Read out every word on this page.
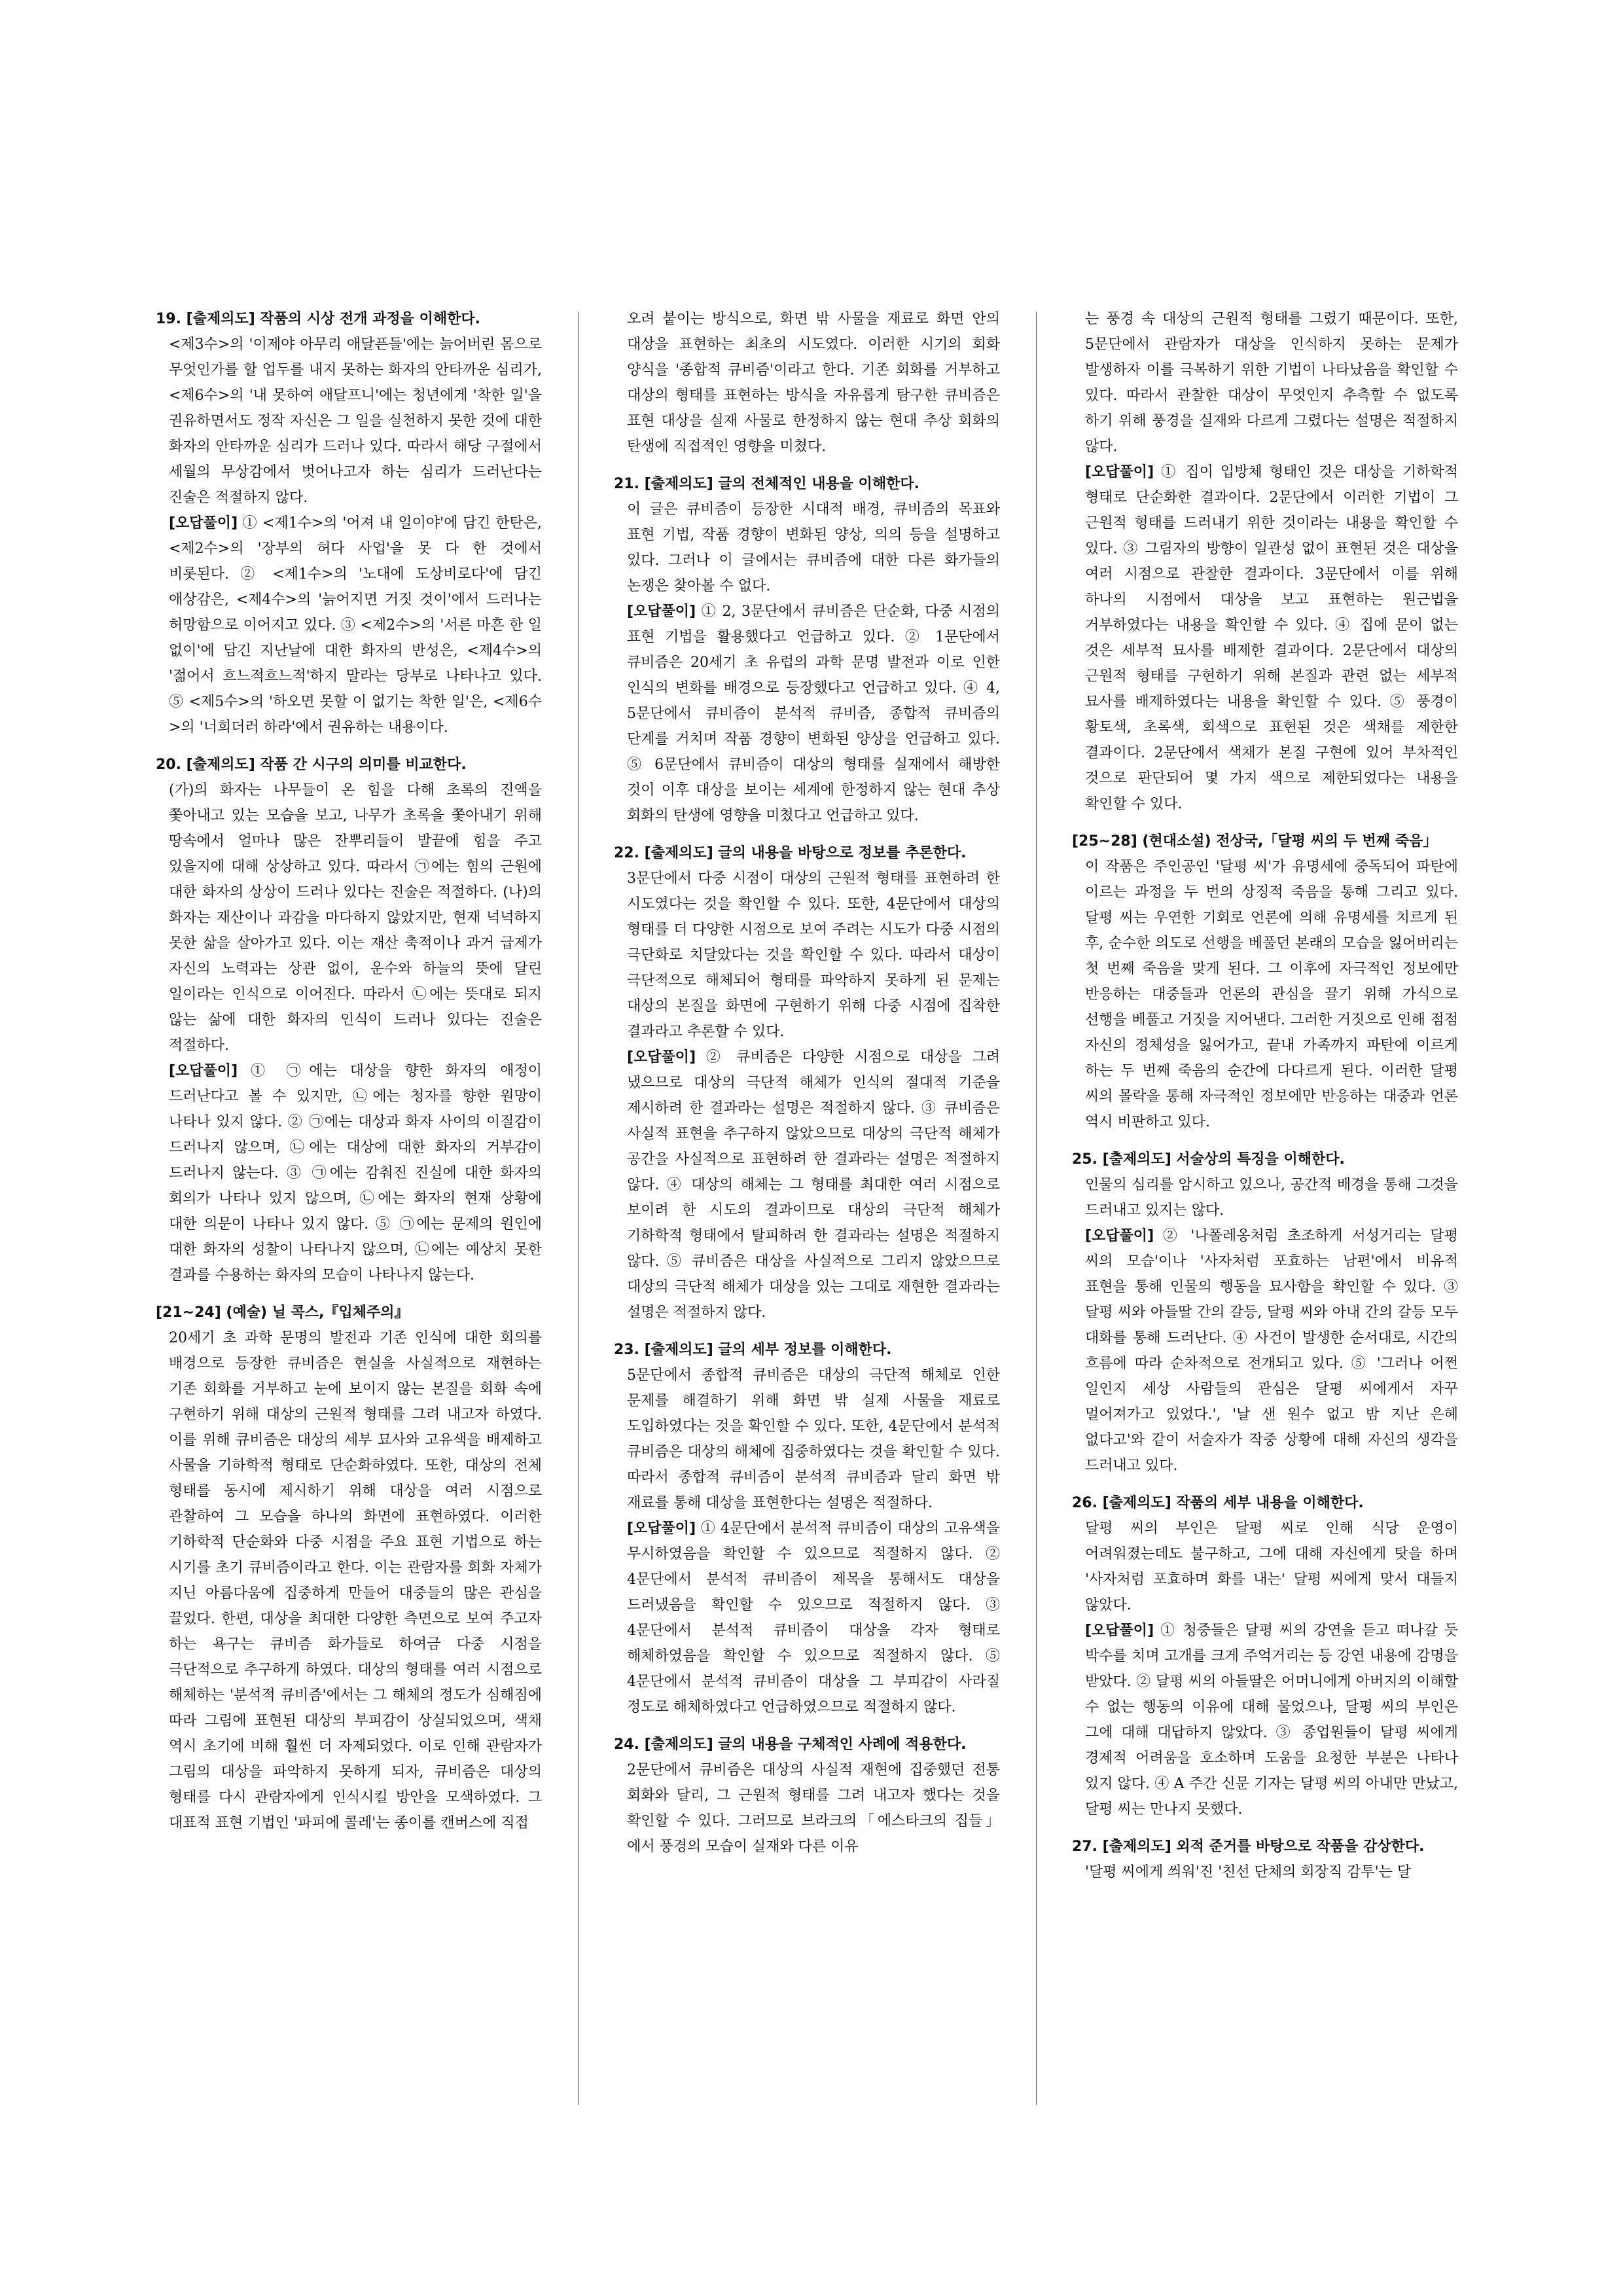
19. [출제의도] 작품의 시상 전개 과정을 이해한다.

<제3수>의 '이제야 아무리 애달픈들'에는 늙어버린 몸으로 무엇인가를 할 업두를 내지 못하는 화자의 안타까운 심리가, <제6수>의 '내 못하여 애달프니'에는 청년에게 '착한 일'을 권유하면서도 정작 자신은 그 일을 실천하지 못한 것에 대한 화자의 안타까운 심리가 드러나 있다. 따라서 해당 구절에서 세월의 무상감에서 벗어나고자 하는 심리가 드러난다는 진술은 적절하지 않다.

[오답풀이] ① <제1수>의 '어져 내 일이야'에 담긴 한탄은, <제2수>의 '장부의 허다 사업'을 못 다 한 것에서 비롯된다. ② <제1수>의 '노대에 도상비로다'에 담긴 애상감은, <제4수>의 '늙어지면 거짓 것이'에서 드러나는 허망함으로 이어지고 있다. ③ <제2수>의 '서른 마흔 한 일 없이'에 담긴 지난날에 대한 화자의 반성은, <제4수>의 '젊어서 흐느적흐느적'하지 말라는 당부로 나타나고 있다. ⑤ <제5수>의 '하오면 못할 이 없기는 착한 일'은, <제6수>의 '너희더러 하라'에서 권유하는 내용이다.

20. [출제의도] 작품 간 시구의 의미를 비교한다.

(가)의 화자는 나무들이 온 힘을 다해 초록의 진액을 쫓아내고 있는 모습을 보고, 나무가 초록을 쫓아내기 위해 땅속에서 얼마나 많은 잔뿌리들이 발끝에 힘을 주고 있을지에 대해 상상하고 있다. 따라서 ㉠에는 힘의 근원에 대한 화자의 상상이 드러나 있다는 진술은 적절하다. (나)의 화자는 재산이나 과감을 마다하지 않았지만, 현재 넉넉하지 못한 삶을 살아가고 있다. 이는 재산 축적이나 과거 급제가 자신의 노력과는 상관 없이, 운수와 하늘의 뜻에 달린 일이라는 인식으로 이어진다. 따라서 ㉡에는 뜻대로 되지 않는 삶에 대한 화자의 인식이 드러나 있다는 진술은 적절하다.

[오답풀이] ① ㉠에는 대상을 향한 화자의 애정이 드러난다고 볼 수 있지만, ㉡에는 청자를 향한 원망이 나타나 있지 않다. ② ㉠에는 대상과 화자 사이의 이질감이 드러나지 않으며, ㉡에는 대상에 대한 화자의 거부감이 드러나지 않는다. ③ ㉠에는 감춰진 진실에 대한 화자의 회의가 나타나 있지 않으며, ㉡에는 화자의 현재 상황에 대한 의문이 나타나 있지 않다. ⑤ ㉠에는 문제의 원인에 대한 화자의 성찰이 나타나지 않으며, ㉡에는 예상치 못한 결과를 수용하는 화자의 모습이 나타나지 않는다.

[21~24] (예술) 닐 콕스,『입체주의』

20세기 초 과학 문명의 발전과 기존 인식에 대한 회의를 배경으로 등장한 큐비즘은 현실을 사실적으로 재현하는 기존 회화를 거부하고 눈에 보이지 않는 본질을 회화 속에 구현하기 위해 대상의 근원적 형태를 그려 내고자 하였다. 이를 위해 큐비즘은 대상의 세부 묘사와 고유색을 배제하고 사물을 기하학적 형태로 단순화하였다. 또한, 대상의 전체 형태를 동시에 제시하기 위해 대상을 여러 시점으로 관찰하여 그 모습을 하나의 화면에 표현하였다. 이러한 기하학적 단순화와 다중 시점을 주요 표현 기법으로 하는 시기를 초기 큐비즘이라고 한다. 이는 관람자를 회화 자체가 지닌 아름다움에 집중하게 만들어 대중들의 많은 관심을 끌었다. 한편, 대상을 최대한 다양한 측면으로 보여 주고자 하는 욕구는 큐비즘 화가들로 하여금 다중 시점을 극단적으로 추구하게 하였다. 대상의 형태를 여러 시점으로 해체하는 '분석적 큐비즘'에서는 그 해체의 정도가 심해짐에 따라 그림에 표현된 대상의 부피감이 상실되었으며, 색채 역시 초기에 비해 훨씬 더 자제되었다. 이로 인해 관람자가 그림의 대상을 파악하지 못하게 되자, 큐비즘은 대상의 형태를 다시 관람자에게 인식시킬 방안을 모색하였다. 그 대표적 표현 기법인 '파피에 콜레'는 종이를 캔버스에 직접

오려 붙이는 방식으로, 화면 밖 사물을 재료로 화면 안의 대상을 표현하는 최초의 시도였다. 이러한 시기의 회화 양식을 '종합적 큐비즘'이라고 한다. 기존 회화를 거부하고 대상의 형태를 표현하는 방식을 자유롭게 탐구한 큐비즘은 표현 대상을 실재 사물로 한정하지 않는 현대 추상 회화의 탄생에 직접적인 영향을 미쳤다.

21. [출제의도] 글의 전체적인 내용을 이해한다.

이 글은 큐비즘이 등장한 시대적 배경, 큐비즘의 목표와 표현 기법, 작품 경향이 변화된 양상, 의의 등을 설명하고 있다. 그러나 이 글에서는 큐비즘에 대한 다른 화가들의 논쟁은 찾아볼 수 없다.

[오답풀이] ① 2, 3문단에서 큐비즘은 단순화, 다중 시점의 표현 기법을 활용했다고 언급하고 있다. ② 1문단에서 큐비즘은 20세기 초 유럽의 과학 문명 발전과 이로 인한 인식의 변화를 배경으로 등장했다고 언급하고 있다. ④ 4, 5문단에서 큐비즘이 분석적 큐비즘, 종합적 큐비즘의 단계를 거치며 작품 경향이 변화된 양상을 언급하고 있다. ⑤ 6문단에서 큐비즘이 대상의 형태를 실재에서 해방한 것이 이후 대상을 보이는 세계에 한정하지 않는 현대 추상 회화의 탄생에 영향을 미쳤다고 언급하고 있다.

22. [출제의도] 글의 내용을 바탕으로 정보를 추론한다.

3문단에서 다중 시점이 대상의 근원적 형태를 표현하려 한 시도였다는 것을 확인할 수 있다. 또한, 4문단에서 대상의 형태를 더 다양한 시점으로 보여 주려는 시도가 다중 시점의 극단화로 치달았다는 것을 확인할 수 있다. 따라서 대상이 극단적으로 해체되어 형태를 파악하지 못하게 된 문제는 대상의 본질을 화면에 구현하기 위해 다중 시점에 집착한 결과라고 추론할 수 있다.

[오답풀이] ② 큐비즘은 다양한 시점으로 대상을 그려 냈으므로 대상의 극단적 해체가 인식의 절대적 기준을 제시하려 한 결과라는 설명은 적절하지 않다. ③ 큐비즘은 사실적 표현을 추구하지 않았으므로 대상의 극단적 해체가 공간을 사실적으로 표현하려 한 결과라는 설명은 적절하지 않다. ④ 대상의 해체는 그 형태를 최대한 여러 시점으로 보이려 한 시도의 결과이므로 대상의 극단적 해체가 기하학적 형태에서 탈피하려 한 결과라는 설명은 적절하지 않다. ⑤ 큐비즘은 대상을 사실적으로 그리지 않았으므로 대상의 극단적 해체가 대상을 있는 그대로 재현한 결과라는 설명은 적절하지 않다.

23. [출제의도] 글의 세부 정보를 이해한다.

5문단에서 종합적 큐비즘은 대상의 극단적 해체로 인한 문제를 해결하기 위해 화면 밖 실제 사물을 재료로 도입하였다는 것을 확인할 수 있다. 또한, 4문단에서 분석적 큐비즘은 대상의 해체에 집중하였다는 것을 확인할 수 있다. 따라서 종합적 큐비즘이 분석적 큐비즘과 달리 화면 밖 재료를 통해 대상을 표현한다는 설명은 적절하다.

[오답풀이] ① 4문단에서 분석적 큐비즘이 대상의 고유색을 무시하였음을 확인할 수 있으므로 적절하지 않다. ② 4문단에서 분석적 큐비즘이 제목을 통해서도 대상을 드러냈음을 확인할 수 있으므로 적절하지 않다. ③ 4문단에서 분석적 큐비즘이 대상을 각자 형태로 해체하였음을 확인할 수 있으므로 적절하지 않다. ⑤ 4문단에서 분석적 큐비즘이 대상을 그 부피감이 사라질 정도로 해체하였다고 언급하였으므로 적절하지 않다.

24. [출제의도] 글의 내용을 구체적인 사례에 적용한다.

2문단에서 큐비즘은 대상의 사실적 재현에 집중했던 전통 회화와 달리, 그 근원적 형태를 그려 내고자 했다는 것을 확인할 수 있다. 그러므로 브라크의「에스타크의 집들」에서 풍경의 모습이 실재와 다른 이유

는 풍경 속 대상의 근원적 형태를 그렸기 때문이다. 또한, 5문단에서 관람자가 대상을 인식하지 못하는 문제가 발생하자 이를 극복하기 위한 기법이 나타났음을 확인할 수 있다. 따라서 관찰한 대상이 무엇인지 추측할 수 없도록 하기 위해 풍경을 실재와 다르게 그렸다는 설명은 적절하지 않다.

[오답풀이] ① 집이 입방체 형태인 것은 대상을 기하학적 형태로 단순화한 결과이다. 2문단에서 이러한 기법이 그 근원적 형태를 드러내기 위한 것이라는 내용을 확인할 수 있다. ③ 그림자의 방향이 일관성 없이 표현된 것은 대상을 여러 시점으로 관찰한 결과이다. 3문단에서 이를 위해 하나의 시점에서 대상을 보고 표현하는 원근법을 거부하였다는 내용을 확인할 수 있다. ④ 집에 문이 없는 것은 세부적 묘사를 배제한 결과이다. 2문단에서 대상의 근원적 형태를 구현하기 위해 본질과 관련 없는 세부적 묘사를 배제하였다는 내용을 확인할 수 있다. ⑤ 풍경이 황토색, 초록색, 회색으로 표현된 것은 색채를 제한한 결과이다. 2문단에서 색채가 본질 구현에 있어 부차적인 것으로 판단되어 몇 가지 색으로 제한되었다는 내용을 확인할 수 있다.

[25~28] (현대소설) 전상국,「달평 씨의 두 번째 죽음」

이 작품은 주인공인 '달평 씨'가 유명세에 중독되어 파탄에 이르는 과정을 두 번의 상징적 죽음을 통해 그리고 있다. 달평 씨는 우연한 기회로 언론에 의해 유명세를 치르게 된 후, 순수한 의도로 선행을 베풀던 본래의 모습을 잃어버리는 첫 번째 죽음을 맞게 된다. 그 이후에 자극적인 정보에만 반응하는 대중들과 언론의 관심을 끌기 위해 가식으로 선행을 베풀고 거짓을 지어낸다. 그러한 거짓으로 인해 점점 자신의 정체성을 잃어가고, 끝내 가족까지 파탄에 이르게 하는 두 번째 죽음의 순간에 다다르게 된다. 이러한 달평 씨의 몰락을 통해 자극적인 정보에만 반응하는 대중과 언론 역시 비판하고 있다.

25. [출제의도] 서술상의 특징을 이해한다.

인물의 심리를 암시하고 있으나, 공간적 배경을 통해 그것을 드러내고 있지는 않다.

[오답풀이] ② '나폴레옹처럼 초조하게 서성거리는 달평 씨의 모습'이나 '사자처럼 포효하는 남편'에서 비유적 표현을 통해 인물의 행동을 묘사함을 확인할 수 있다. ③ 달평 씨와 아들딸 간의 갈등, 달평 씨와 아내 간의 갈등 모두 대화를 통해 드러난다. ④ 사건이 발생한 순서대로, 시간의 흐름에 따라 순차적으로 전개되고 있다. ⑤ '그러나 어쩐 일인지 세상 사람들의 관심은 달평 씨에게서 자꾸 멀어져가고 있었다.', '날 샌 원수 없고 밤 지난 은혜 없다고'와 같이 서술자가 작중 상황에 대해 자신의 생각을 드러내고 있다.

26. [출제의도] 작품의 세부 내용을 이해한다.

달평 씨의 부인은 달평 씨로 인해 식당 운영이 어려워졌는데도 불구하고, 그에 대해 자신에게 탓을 하며 '사자처럼 포효하며 화를 내는' 달평 씨에게 맞서 대들지 않았다.

[오답풀이] ① 청중들은 달평 씨의 강연을 듣고 떠나갈 듯 박수를 치며 고개를 크게 주억거리는 등 강연 내용에 감명을 받았다. ② 달평 씨의 아들딸은 어머니에게 아버지의 이해할 수 없는 행동의 이유에 대해 물었으나, 달평 씨의 부인은 그에 대해 대답하지 않았다. ③ 종업원들이 달평 씨에게 경제적 어려움을 호소하며 도움을 요청한 부분은 나타나 있지 않다. ④ A 주간 신문 기자는 달평 씨의 아내만 만났고, 달평 씨는 만나지 못했다.

27. [출제의도] 외적 준거를 바탕으로 작품을 감상한다.

'달평 씨에게 씌워'진 '친선 단체의 회장직 감투'는 달
